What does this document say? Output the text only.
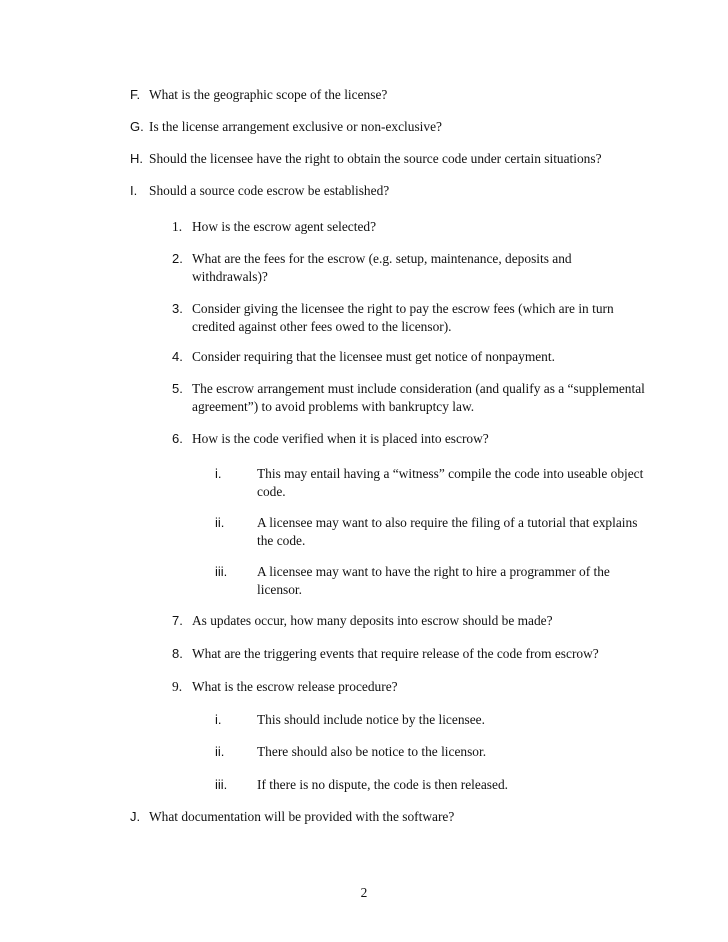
F. What is the geographic scope of the license?
G. Is the license arrangement exclusive or non-exclusive?
H. Should the licensee have the right to obtain the source code under certain situations?
I. Should a source code escrow be established?
1. How is the escrow agent selected?
2. What are the fees for the escrow (e.g. setup, maintenance, deposits and withdrawals)?
3. Consider giving the licensee the right to pay the escrow fees (which are in turn credited against other fees owed to the licensor).
4. Consider requiring that the licensee must get notice of nonpayment.
5. The escrow arrangement must include consideration (and qualify as a “supplemental agreement”) to avoid problems with bankruptcy law.
6. How is the code verified when it is placed into escrow?
i.	This may entail having a “witness” compile the code into useable object code.
ii. A licensee may want to also require the filing of a tutorial that explains the code.
iii. A licensee may want to have the right to hire a programmer of the licensor.
7. As updates occur, how many deposits into escrow should be made?
8. What are the triggering events that require release of the code from escrow?
9. What is the escrow release procedure?
i.	This should include notice by the licensee.
ii. There should also be notice to the licensor.
iii. If there is no dispute, the code is then released.
J. What documentation will be provided with the software?
2
